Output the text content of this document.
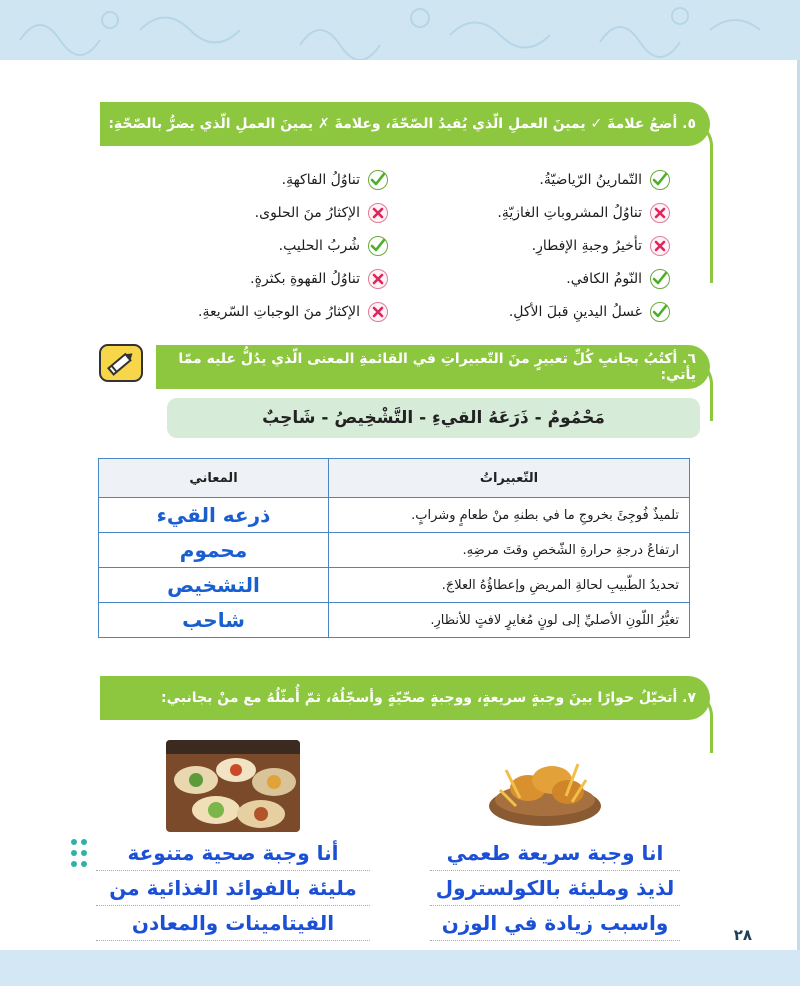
٥. أضعُ علامةَ ✓ يمينَ العملِ الّذي يُفيدُ الصّحّةَ، وعلامةَ ✗ يمينَ العملِ الّذي يضرُّ بالصّحّةِ:
التّمارينُ الرّياضيّةُ.
تناوُلُ المشروباتِ الغازيّةِ.
تأخيرُ وجبةِ الإفطارِ.
النّومُ الكافي.
غسلُ اليدينِ قبلَ الأكلِ.
تناوُلُ الفاكهةِ.
الإكثارُ منَ الحلوى.
شُربُ الحليبِ.
تناوُلُ القهوةِ بكثرةٍ.
الإكثارُ منَ الوجباتِ السّريعةِ.
٦. أكتُبُ بجانبِ كُلِّ تعبيرٍ منَ التّعبيراتِ في القائمةِ المعنى الّذي يدُلُّ عليه ممّا يأتي:
مَحْمُومٌ - ذَرَعَهُ القيءِ - التَّشْخِيصُ - شَاحِبٌ
التّعبيراتُ	المعاني
تلميذٌ فُوجِئَ بخروجِ ما في بطنهِ منْ طعامٍ وشرابٍ.	ذرعه القيء
ارتفاعُ درجةِ حرارةِ الشّخصِ وقتَ مرضِهِ.	محموم
تحديدُ الطّبيبِ لحالةِ المريضِ وإعطاؤُهُ العلاجَ.	التشخيص
تغيُّرُ اللّونِ الأصليِّ إلى لونٍ مُغايرٍ لافتٍ للأنظارِ.	شاحب
٧. أتخيّلُ حوارًا بينَ وجبةٍ سريعةٍ، ووجبةٍ صحّيّةٍ وأسجّلُهُ، ثمّ أُمثّلُهُ مع منْ بجانبي:
انا وجبة سريعة طعمي
لذيذ ومليئة بالكولسترول
واسبب زيادة في الوزن
أنا وجبة صحية متنوعة
مليئة بالفوائد الغذائية من
الفيتامينات والمعادن	٢٨
